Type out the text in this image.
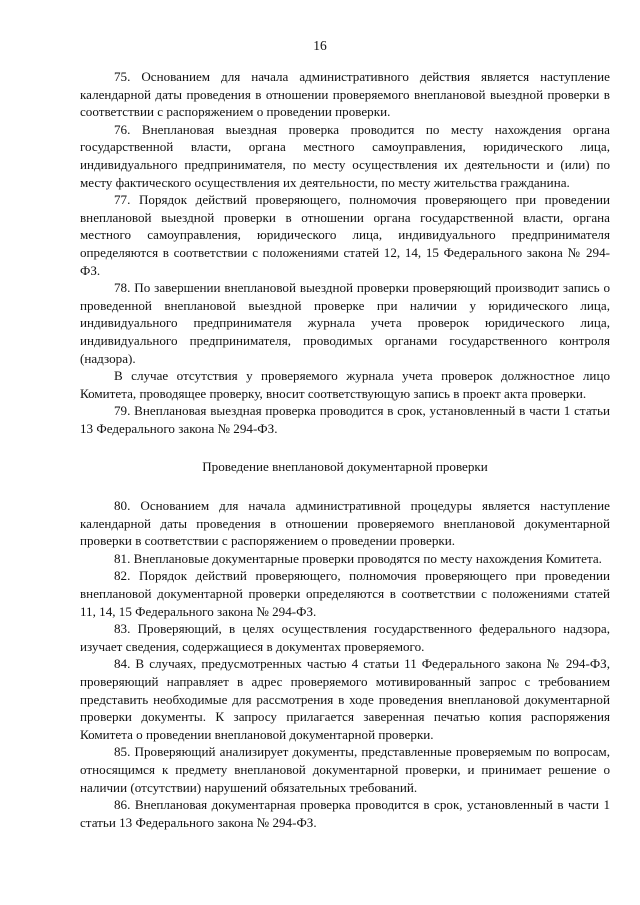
16

75. Основанием для начала административного действия является наступление календарной даты проведения в отношении проверяемого внеплановой выездной проверки в соответствии с распоряжением о проведении проверки.

76. Внеплановая выездная проверка проводится по месту нахождения органа государственной власти, органа местного самоуправления, юридического лица, индивидуального предпринимателя, по месту осуществления их деятельности и (или) по месту фактического осуществления их деятельности, по месту жительства гражданина.

77. Порядок действий проверяющего, полномочия проверяющего при проведении внеплановой выездной проверки в отношении органа государственной власти, органа местного самоуправления, юридического лица, индивидуального предпринимателя определяются в соответствии с положениями статей 12, 14, 15 Федерального закона № 294-ФЗ.

78. По завершении внеплановой выездной проверки проверяющий производит запись о проведенной внеплановой выездной проверке при наличии у юридического лица, индивидуального предпринимателя журнала учета проверок юридического лица, индивидуального предпринимателя, проводимых органами государственного контроля (надзора).

В случае отсутствия у проверяемого журнала учета проверок должностное лицо Комитета, проводящее проверку, вносит соответствующую запись в проект акта проверки.

79. Внеплановая выездная проверка проводится в срок, установленный в части 1 статьи 13 Федерального закона № 294-ФЗ.

Проведение внеплановой документарной проверки

80. Основанием для начала административной процедуры является наступление календарной даты проведения в отношении проверяемого внеплановой документарной проверки в соответствии с распоряжением о проведении проверки.

81. Внеплановые документарные проверки проводятся по месту нахождения Комитета.

82. Порядок действий проверяющего, полномочия проверяющего при проведении внеплановой документарной проверки определяются в соответствии с положениями статей 11, 14, 15 Федерального закона № 294-ФЗ.

83. Проверяющий, в целях осуществления государственного федерального надзора, изучает сведения, содержащиеся в документах проверяемого.

84. В случаях, предусмотренных частью 4 статьи 11 Федерального закона № 294-ФЗ, проверяющий направляет в адрес проверяемого мотивированный запрос с требованием представить необходимые для рассмотрения в ходе проведения внеплановой документарной проверки документы. К запросу прилагается заверенная печатью копия распоряжения Комитета о проведении внеплановой документарной проверки.

85. Проверяющий анализирует документы, представленные проверяемым по вопросам, относящимся к предмету внеплановой документарной проверки, и принимает решение о наличии (отсутствии) нарушений обязательных требований.

86. Внеплановая документарная проверка проводится в срок, установленный в части 1 статьи 13 Федерального закона № 294-ФЗ.
